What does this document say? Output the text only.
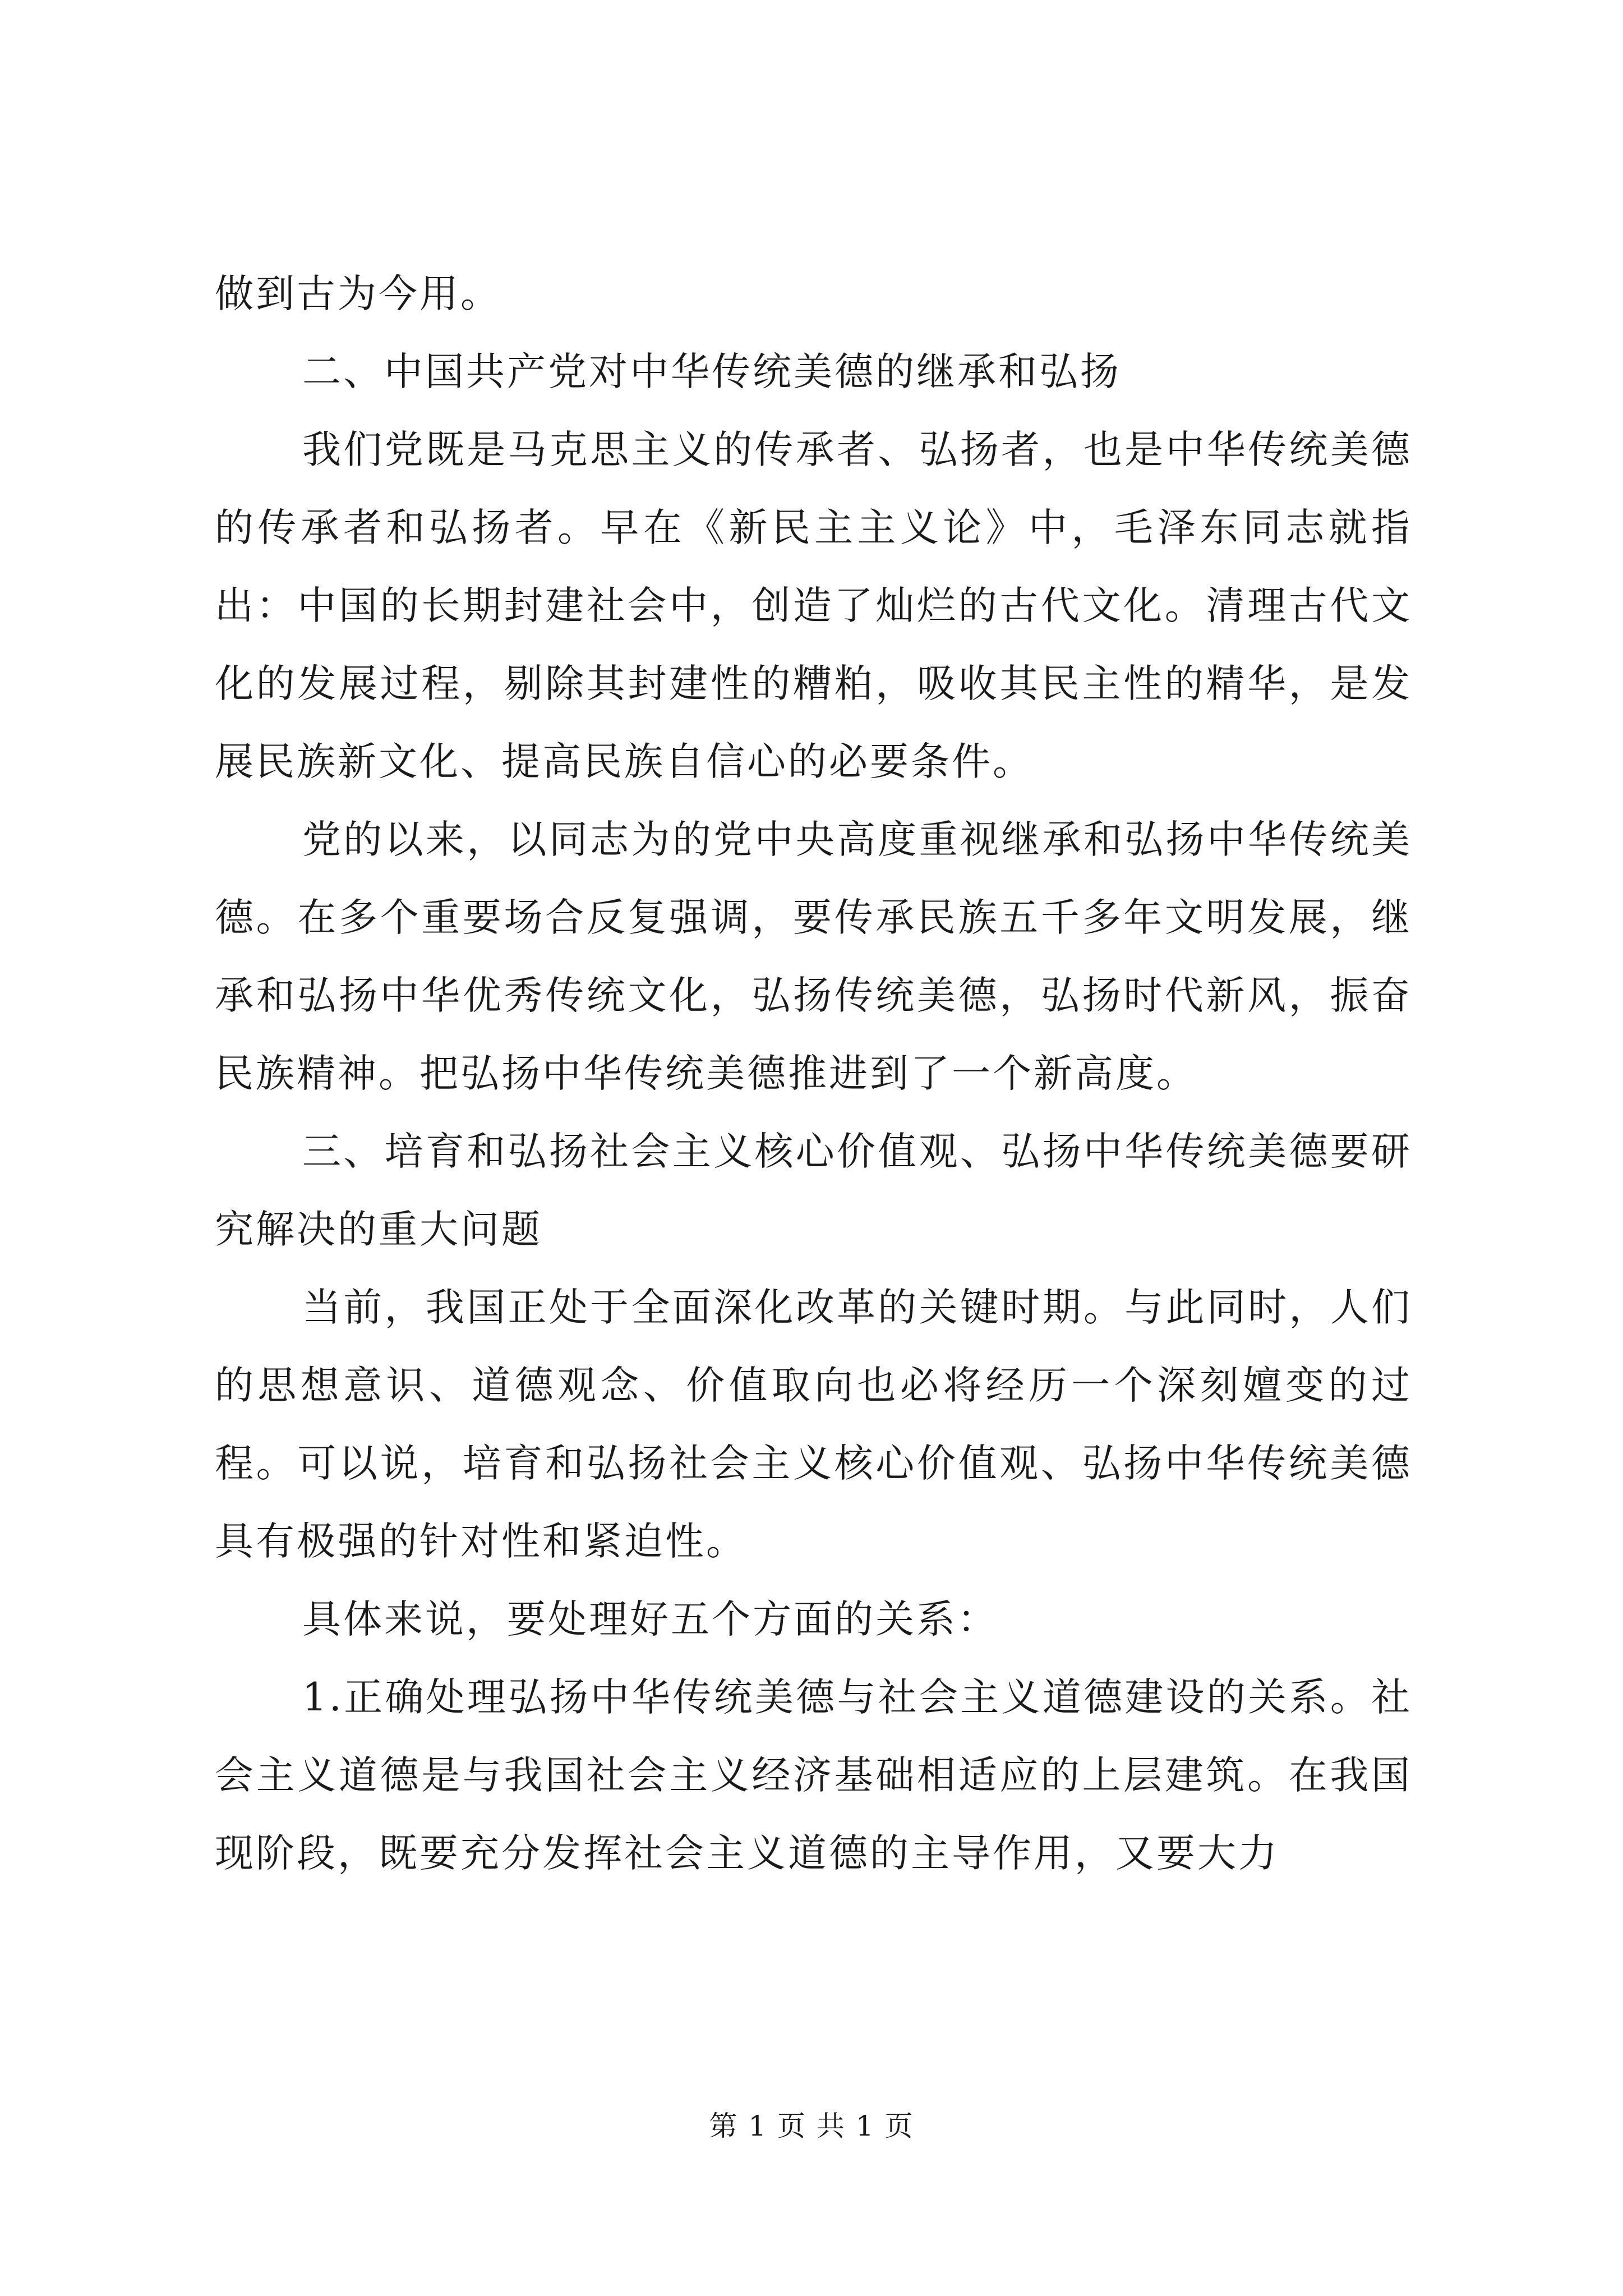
做到古为今用。

二、中国共产党对中华传统美德的继承和弘扬

我们党既是马克思主义的传承者、弘扬者，也是中华传统美德的传承者和弘扬者。早在《新民主主义论》中，毛泽东同志就指出：中国的长期封建社会中，创造了灿烂的古代文化。清理古代文化的发展过程，剔除其封建性的糟粕，吸收其民主性的精华，是发展民族新文化、提高民族自信心的必要条件。

党的以来，以同志为的党中央高度重视继承和弘扬中华传统美德。在多个重要场合反复强调，要传承民族五千多年文明发展，继承和弘扬中华优秀传统文化，弘扬传统美德，弘扬时代新风，振奋民族精神。把弘扬中华传统美德推进到了一个新高度。

三、培育和弘扬社会主义核心价值观、弘扬中华传统美德要研究解决的重大问题

当前，我国正处于全面深化改革的关键时期。与此同时，人们的思想意识、道德观念、价值取向也必将经历一个深刻嬗变的过程。可以说，培育和弘扬社会主义核心价值观、弘扬中华传统美德具有极强的针对性和紧迫性。

具体来说，要处理好五个方面的关系：

1.正确处理弘扬中华传统美德与社会主义道德建设的关系。社会主义道德是与我国社会主义经济基础相适应的上层建筑。在我国现阶段，既要充分发挥社会主义道德的主导作用，又要大力

第 1 页 共 1 页
